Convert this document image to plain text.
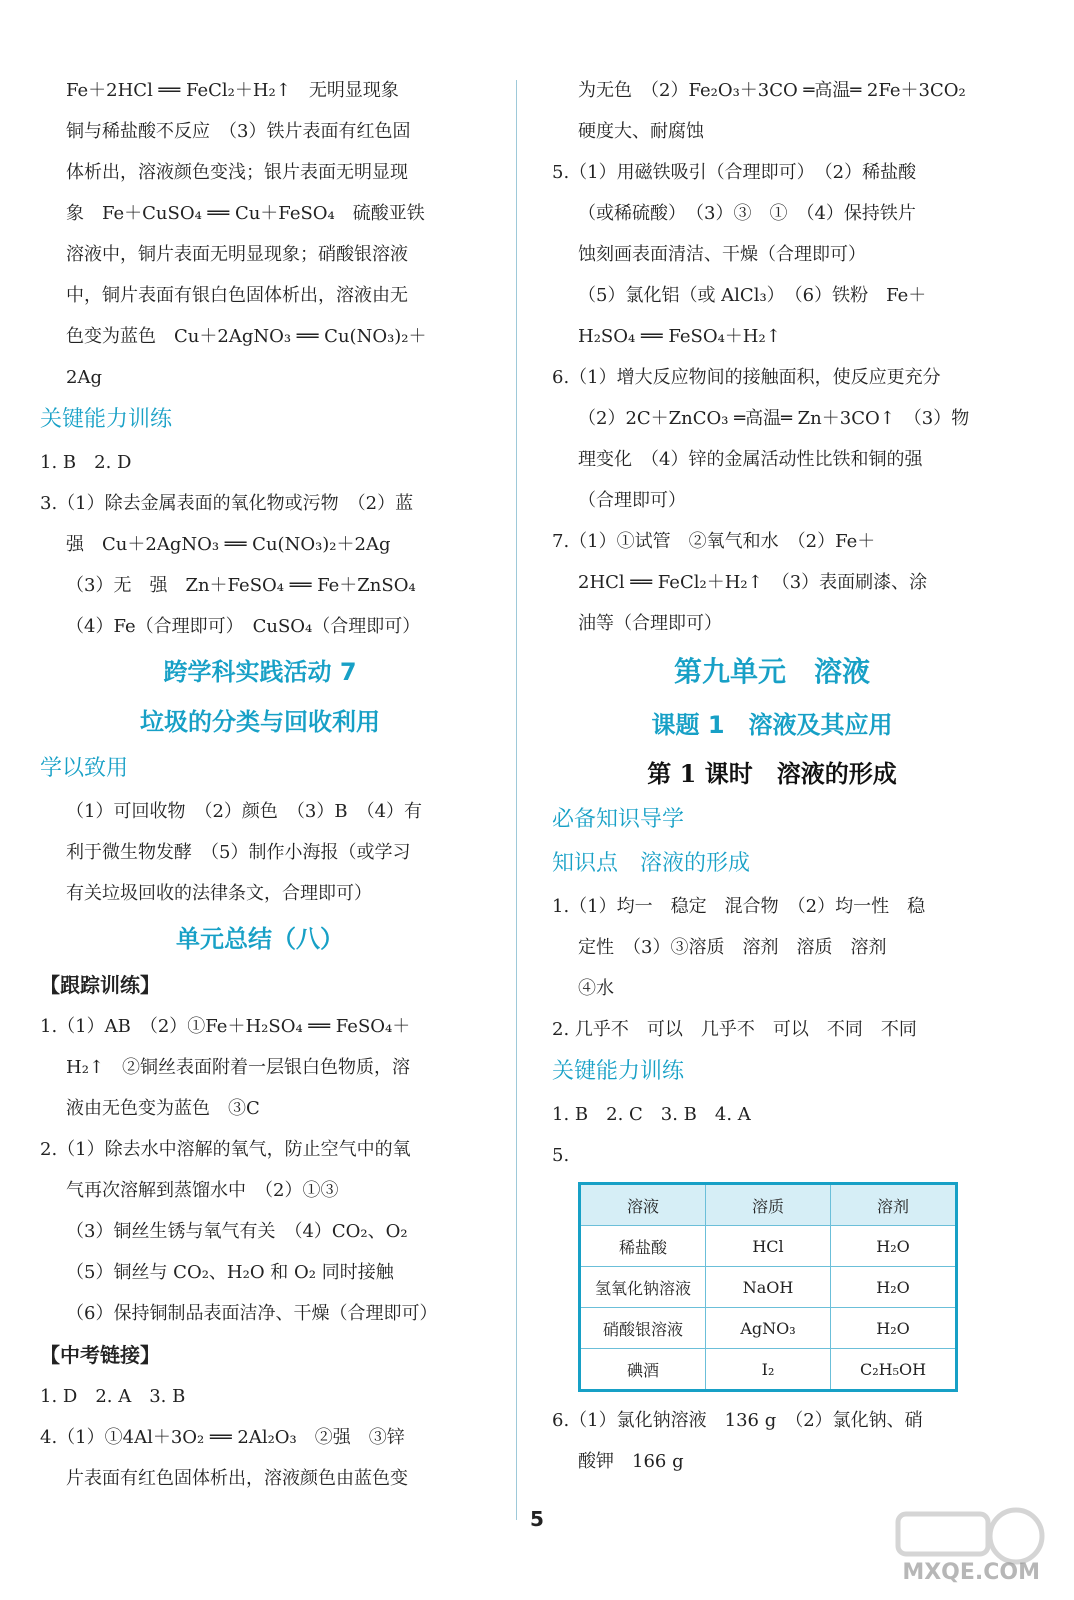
Fe＋2HCl ══ FeCl₂＋H₂↑　无明显现象
铜与稀盐酸不反应　（3）铁片表面有红色固
体析出，溶液颜色变浅；银片表面无明显现
象　Fe＋CuSO₄ ══ Cu＋FeSO₄　硫酸亚铁
溶液中，铜片表面无明显现象；硝酸银溶液
中，铜片表面有银白色固体析出，溶液由无
色变为蓝色　Cu＋2AgNO₃ ══ Cu(NO₃)₂＋
2Ag
关键能力训练
1. B　2. D
3.（1）除去金属表面的氧化物或污物　（2）蓝
强　Cu＋2AgNO₃ ══ Cu(NO₃)₂＋2Ag
（3）无　强　Zn＋FeSO₄ ══ Fe＋ZnSO₄
（4）Fe（合理即可）　CuSO₄（合理即可）
跨学科实践活动 7
垃圾的分类与回收利用
学以致用
（1）可回收物　（2）颜色　（3）B　（4）有
利于微生物发酵　（5）制作小海报（或学习
有关垃圾回收的法律条文，合理即可）
单元总结（八）
【跟踪训练】
1.（1）AB　（2）①Fe＋H₂SO₄ ══ FeSO₄＋
H₂↑　②铜丝表面附着一层银白色物质，溶
液由无色变为蓝色　③C
2.（1）除去水中溶解的氧气，防止空气中的氧
气再次溶解到蒸馏水中　（2）①③
（3）铜丝生锈与氧气有关　（4）CO₂、O₂
（5）铜丝与 CO₂、H₂O 和 O₂ 同时接触
（6）保持铜制品表面洁净、干燥（合理即可）
【中考链接】
1. D　2. A　3. B
4.（1）①4Al＋3O₂ ══ 2Al₂O₃　②强　③锌
片表面有红色固体析出，溶液颜色由蓝色变
为无色　（2）Fe₂O₃＋3CO ═高温═ 2Fe＋3CO₂
硬度大、耐腐蚀
5.（1）用磁铁吸引（合理即可）　（2）稀盐酸
（或稀硫酸）　（3）③　①　（4）保持铁片
蚀刻画表面清洁、干燥（合理即可）
（5）氯化铝（或 AlCl₃）　（6）铁粉　Fe＋
H₂SO₄ ══ FeSO₄＋H₂↑
6.（1）增大反应物间的接触面积，使反应更充分
（2）2C＋ZnCO₃ ═高温═ Zn＋3CO↑　（3）物
理变化　（4）锌的金属活动性比铁和铜的强
（合理即可）
7.（1）①试管　②氧气和水　（2）Fe＋
2HCl ══ FeCl₂＋H₂↑　（3）表面刷漆、涂
油等（合理即可）
第九单元　溶液
课题 1　溶液及其应用
第 1 课时　溶液的形成
必备知识导学
知识点　溶液的形成
1.（1）均一　稳定　混合物　（2）均一性　稳
定性　（3）③溶质　溶剂　溶质　溶剂
④水
2. 几乎不　可以　几乎不　可以　不同　不同
关键能力训练
1. B　2. C　3. B　4. A
5.
溶液	溶质	溶剂
稀盐酸	HCl	H₂O
氢氧化钠溶液	NaOH	H₂O
硝酸银溶液	AgNO₃	H₂O
碘酒	I₂	C₂H₅OH
6.（1）氯化钠溶液　136 g　（2）氯化钠、硝
酸钾　166 g
5
MXQE.COM
